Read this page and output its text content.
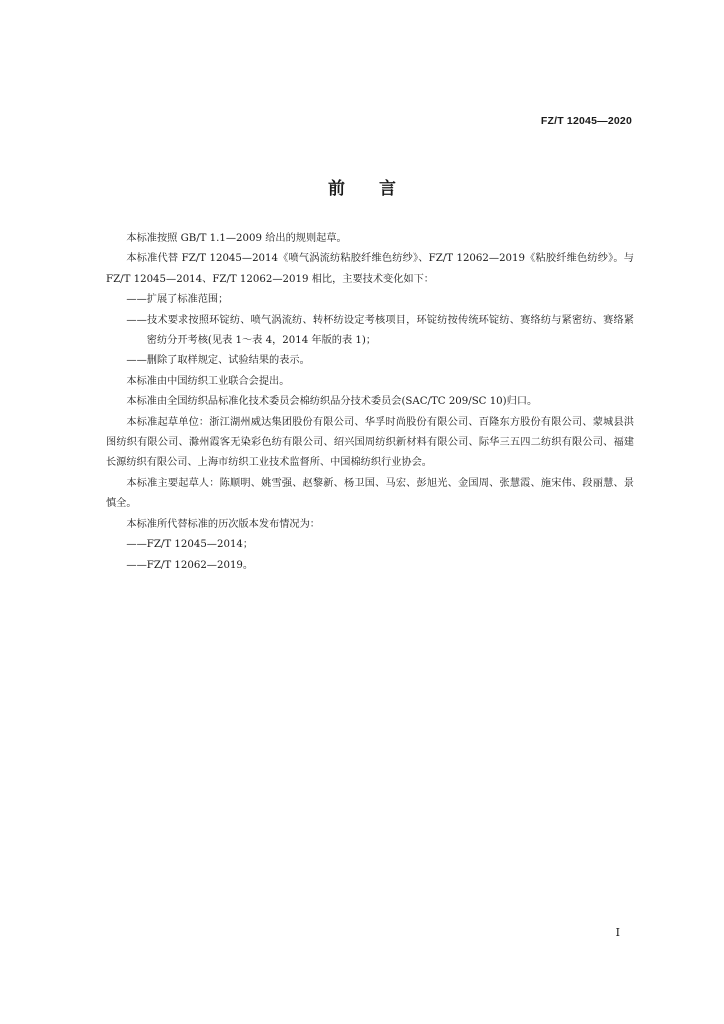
FZ/T 12045—2020
前 言

本标准按照 GB/T 1.1—2009 给出的规则起草。

本标准代替 FZ/T 12045—2014《喷气涡流纺粘胶纤维色纺纱》、FZ/T 12062—2019《粘胶纤维色纺纱》。与 FZ/T 12045—2014、FZ/T 12062—2019 相比，主要技术变化如下：

——扩展了标准范围；

——技术要求按照环锭纺、喷气涡流纺、转杯纺设定考核项目，环锭纺按传统环锭纺、赛络纺与紧密纺、赛络紧密纺分开考核(见表 1～表 4，2014 年版的表 1)；

——删除了取样规定、试验结果的表示。

本标准由中国纺织工业联合会提出。

本标准由全国纺织品标准化技术委员会棉纺织品分技术委员会(SAC/TC 209/SC 10)归口。

本标准起草单位：浙江湖州威达集团股份有限公司、华孚时尚股份有限公司、百隆东方股份有限公司、蒙城县洪图纺织有限公司、滁州霞客无染彩色纺有限公司、绍兴国周纺织新材料有限公司、际华三五四二纺织有限公司、福建长源纺织有限公司、上海市纺织工业技术监督所、中国棉纺织行业协会。

本标准主要起草人：陈顺明、姚雪强、赵黎新、杨卫国、马宏、彭旭光、金国周、张慧霞、施宋伟、段丽慧、景慎全。

本标准所代替标准的历次版本发布情况为：

——FZ/T 12045—2014；

——FZ/T 12062—2019。

I
